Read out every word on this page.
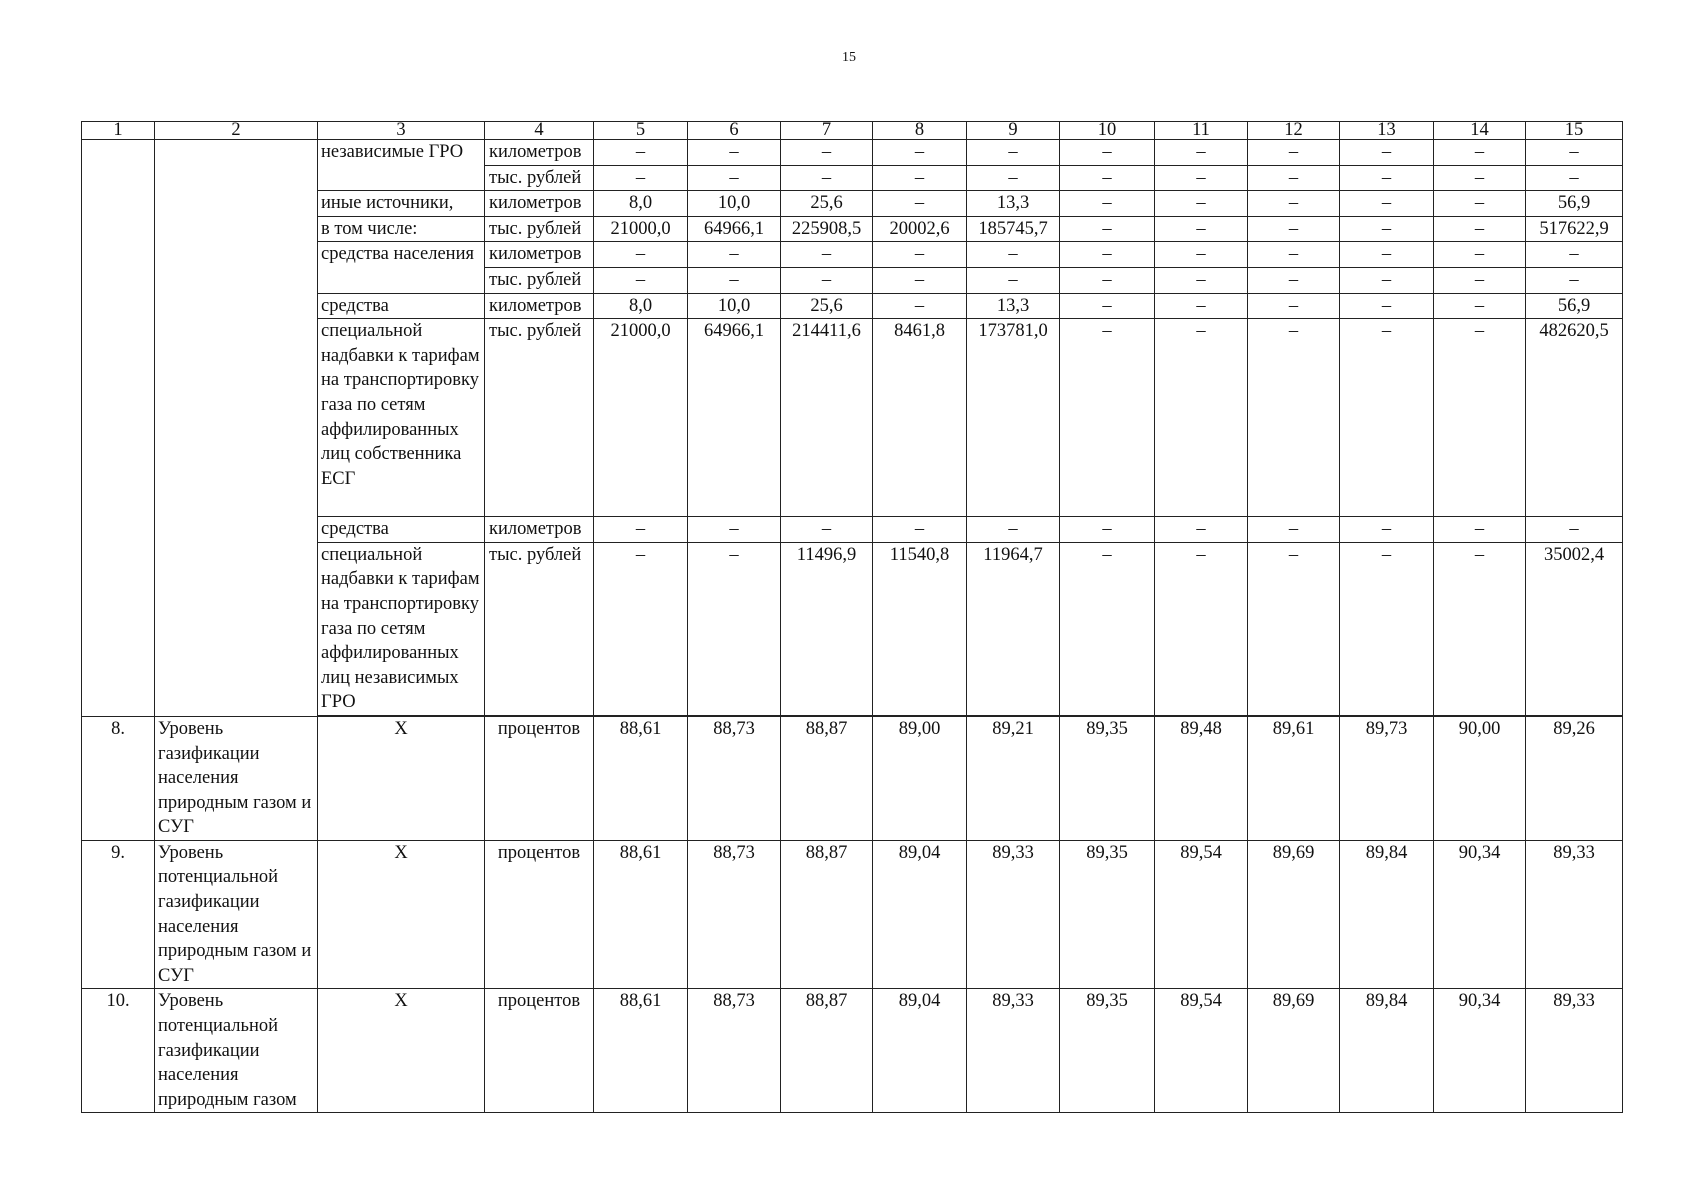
15
1	2	3	4	5	6	7	8	9	10	11	12	13	14	15
		независимые ГРО	километров	–	–	–	–	–	–	–	–	–	–	–
			тыс. рублей	–	–	–	–	–	–	–	–	–	–	–
		иные источники,	километров	8,0	10,0	25,6	–	13,3	–	–	–	–	–	56,9
		в том числе:	тыс. рублей	21000,0	64966,1	225908,5	20002,6	185745,7	–	–	–	–	–	517622,9
		средства населения	километров	–	–	–	–	–	–	–	–	–	–	–
			тыс. рублей	–	–	–	–	–	–	–	–	–	–	–
		средства	километров	8,0	10,0	25,6	–	13,3	–	–	–	–	–	56,9
		специальной надбавки к тарифам на транспортировку газа по сетям аффилированных лиц собственника ЕСГ	тыс. рублей	21000,0	64966,1	214411,6	8461,8	173781,0	–	–	–	–	–	482620,5
		средства	километров	–	–	–	–	–	–	–	–	–	–	–
		специальной надбавки к тарифам на транспортировку газа по сетям аффилированных лиц независимых ГРО	тыс. рублей	–	–	11496,9	11540,8	11964,7	–	–	–	–	–	35002,4

8.	Уровень газификации населения природным газом и СУГ	Х	процентов	88,61	88,73	88,87	89,00	89,21	89,35	89,48	89,61	89,73	90,00	89,26
9.	Уровень потенциальной газификации населения природным газом и СУГ	Х	процентов	88,61	88,73	88,87	89,04	89,33	89,35	89,54	89,69	89,84	90,34	89,33
10.	Уровень потенциальной газификации населения природным газом	Х	процентов	88,61	88,73	88,87	89,04	89,33	89,35	89,54	89,69	89,84	90,34	89,33
